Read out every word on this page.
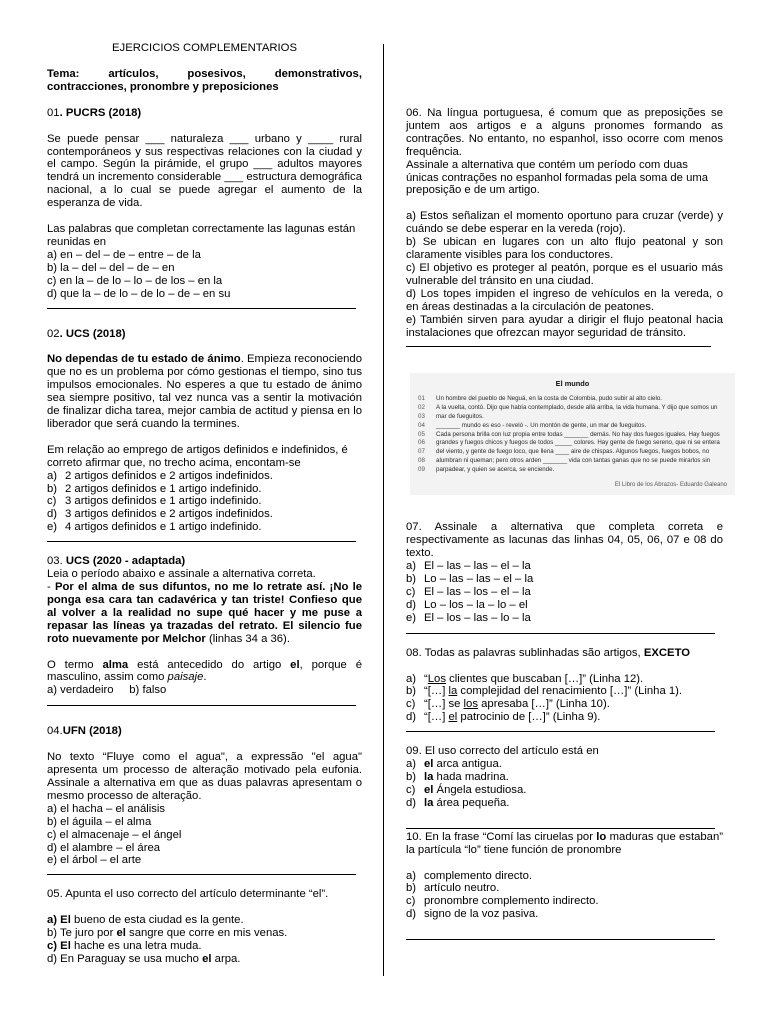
EJERCICIOS COMPLEMENTARIOS

Tema:	artículos,	posesivos,	demonstrativos,

contracciones, pronombre y preposiciones

01. PUCRS (2018)

Se puede pensar ___ naturaleza ___ urbano y ____ rural contemporáneos y sus respectivas relaciones con la ciudad y el campo. Según la pirámide, el grupo ___ adultos mayores tendrá un incremento considerable ___ estructura demográfica nacional, a lo cual se puede agregar el aumento de la esperanza de vida.

Las palabras que completan correctamente las lagunas están reunidas en

a) en – del – de – entre – de la

b) la – del – del – de – en

c) en la – de lo – lo – de los – en la

d) que la – de lo – de lo – de – en su

02. UCS (2018)

No dependas de tu estado de ánimo. Empieza reconociendo que no es un problema por cómo gestionas el tiempo, sino tus impulsos emocionales. No esperes a que tu estado de ánimo sea siempre positivo, tal vez nunca vas a sentir la motivación de finalizar dicha tarea, mejor cambia de actitud y piensa en lo liberador que será cuando la termines.

Em relação ao emprego de artigos definidos e indefinidos, é correto afirmar que, no trecho acima, encontam-se

a) 2 artigos definidos e 2 artigos indefinidos.
b) 2 artigos definidos e 1 artigo indefinido.
c) 3 artigos definidos e 1 artigo indefinido.
d) 3 artigos definidos e 2 artigos indefinidos.
e) 4 artigos definidos e 1 artigo indefinido.

03. UCS (2020 - adaptada)

Leia o período abaixo e assinale a alternativa correta.

- Por el alma de sus difuntos, no me lo retrate así. ¡No le ponga esa cara tan cadavérica y tan triste! Confieso que al volver a la realidad no supe qué hacer y me puse a repasar las líneas ya trazadas del retrato. El silencio fue roto nuevamente por Melchor (linhas 34 a 36).

O termo alma está antecedido do artigo el, porque é masculino, assim como paisaje.

a) verdadeiro b) falso

04.UFN (2018)

No texto “Fluye como el agua", a expressão "el agua" apresenta um processo de alteração motivado pela eufonia. Assinale a alternativa em que as duas palavras apresentam o mesmo processo de alteração.

a) el hacha – el análisis

b) el águila – el alma

c) el almacenaje – el ángel

d) el alambre – el área

e) el árbol – el arte

05. Apunta el uso correcto del artículo determinante “el”.

a) El bueno de esta ciudad es la gente.

b) Te juro por el sangre que corre en mis venas.

c) El hache es una letra muda.

d) En Paraguay se usa mucho el arpa.

06. Na língua portuguesa, é comum que as preposições se juntem aos artigos e a alguns pronomes formando as contrações. No entanto, no espanhol, isso ocorre com menos frequência.

Assinale a alternativa que contém um período com duas únicas contrações no espanhol formadas pela soma de uma preposição e de um artigo.

a) Estos señalizan el momento oportuno para cruzar (verde) y cuándo se debe esperar en la vereda (rojo).

b) Se ubican en lugares con un alto flujo peatonal y son claramente visibles para los conductores.

c) El objetivo es proteger al peatón, porque es el usuario más vulnerable del tránsito en una ciudad.

d) Los topes impiden el ingreso de vehículos en la vereda, o en áreas destinadas a la circulación de peatones.

e) También sirven para ayudar a dirigir el flujo peatonal hacia instalaciones que ofrezcan mayor seguridad de tránsito.

El mundo
01	Un hombre del pueblo de Neguá, en la costa de Colombia, pudo subir al alto cielo.
02	A la vuelta, contó. Dijo que había contemplado, desde allá arriba, la vida humana. Y dijo que somos un
03	mar de fueguitos.
04	_______ mundo es eso - reveló -. Un montón de gente, un mar de fueguitos.
05	Cada persona brilla con luz propia entre todas _______ demás. No hay dos fuegos iguales. Hay fuegos
06	grandes y fuegos chicos y fuegos de todos _____ colores. Hay gente de fuego sereno, que ni se entera
07	del viento, y gente de fuego loco, que llena ____ aire de chispas. Algunos fuegos, fuegos bobos, no
08	alumbran ni queman; pero otros arden _______ vida con tantas ganas que no se puede mirarlos sin
09	parpadear, y quien se acerca, se enciende.
El Libro de los Abrazos- Eduardo Galeano

07. Assinale a alternativa que completa correta e respectivamente as lacunas das linhas 04, 05, 06, 07 e 08 do texto.

a) El – las – las – el – la
b) Lo – las – las – el – la
c) El – las – los – el – la
d) Lo – los – la – lo – el
e) El – los – las – lo – la

08. Todas as palavras sublinhadas são artigos, EXCETO

a) “Los clientes que buscaban […]” (Linha 12).
b) “[…] la complejidad del renacimiento […]” (Linha 1).
c) “[…] se los apresaba […]” (Linha 10).
d) “[…] el patrocinio de […]” (Linha 9).

09. El uso correcto del artículo está en

a) el arca antigua.
b) la hada madrina.
c) el Ángela estudiosa.
d) la área pequeña.

10. En la frase “Comí las ciruelas por lo maduras que estaban” la partícula “lo” tiene función de pronombre

a) complemento directo.
b) artículo neutro.
c) pronombre complemento indirecto.
d) signo de la voz pasiva.
